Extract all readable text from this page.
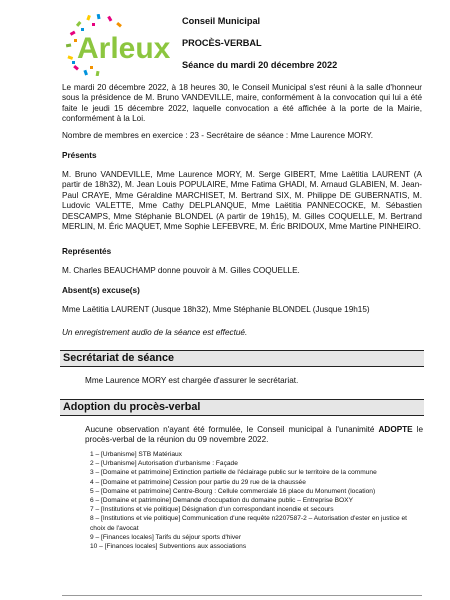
Arleux
Conseil Municipal
PROCÈS-VERBAL
Séance du mardi 20 décembre 2022
Le mardi 20 décembre 2022, à 18 heures 30, le Conseil Municipal s'est réuni à la salle d'honneur sous la présidence de M. Bruno VANDEVILLE, maire, conformément à la convocation qui lui a été faite le jeudi 15 décembre 2022, laquelle convocation a été affichée à la porte de la Mairie, conformément à la Loi.
Nombre de membres en exercice : 23 - Secrétaire de séance : Mme Laurence MORY.
Présents
M. Bruno VANDEVILLE, Mme Laurence MORY, M. Serge GIBERT, Mme Laëtitia LAURENT (A partir de 18h32), M. Jean Louis POPULAIRE, Mme Fatima GHADI, M. Arnaud GLABIEN, M. Jean-Paul CRAYE, Mme Géraldine MARCHISET, M. Bertrand SIX, M. Philippe DE GUBERNATIS, M. Ludovic VALETTE, Mme Cathy DELPLANQUE, Mme Laëtitia PANNECOCKE, M. Sébastien DESCAMPS, Mme Stéphanie BLONDEL (A partir de 19h15), M. Gilles COQUELLE, M. Bertrand MERLIN, M. Éric MAQUET, Mme Sophie LEFEBVRE, M. Éric BRIDOUX, Mme Martine PINHEIRO.
Représentés
M. Charles BEAUCHAMP donne pouvoir à M. Gilles COQUELLE.
Absent(s) excuse(s)
Mme Laëtitia LAURENT (Jusque 18h32), Mme Stéphanie BLONDEL (Jusque 19h15)
Un enregistrement audio de la séance est effectué.
Secrétariat de séance
Mme Laurence MORY est chargée d'assurer le secrétariat.
Adoption du procès-verbal
Aucune observation n'ayant été formulée, le Conseil municipal à l'unanimité ADOPTE le procès-verbal de la réunion du 09 novembre 2022.
1 – [Urbanisme] STB Matériaux
2 – [Urbanisme] Autorisation d'urbanisme : Façade
3 – [Domaine et patrimoine] Extinction partielle de l'éclairage public sur le territoire de la commune
4 – [Domaine et patrimoine] Cession pour partie du 29 rue de la chaussée
5 – [Domaine et patrimoine] Centre-Bourg : Cellule commerciale 16 place du Monument (location)
6 – [Domaine et patrimoine] Demande d'occupation du domaine public – Entreprise BOXY
7 – [Institutions et vie politique] Désignation d'un correspondant incendie et secours
8 – [Institutions et vie politique] Communication d'une requête n2207587-2 – Autorisation d'ester en justice et choix de l'avocat
9 – [Finances locales] Tarifs du séjour sports d'hiver
10 – [Finances locales] Subventions aux associations
